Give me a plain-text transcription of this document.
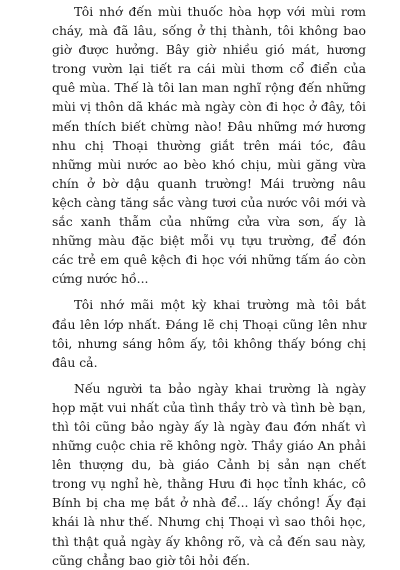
Tôi nhớ đến mùi thuốc hòa hợp với mùi rơm cháy, mà đã lâu, sống ở thị thành, tôi không bao giờ được hưởng. Bây giờ nhiều gió mát, hương trong vườn lại tiết ra cái mùi thơm cổ điển của quê mùa. Thế là tôi lan man nghĩ rộng đến những mùi vị thôn dã khác mà ngày còn đi học ở đây, tôi mến thích biết chừng nào! Đâu những mớ hương nhu chị Thoại thường giắt trên mái tóc, đâu những mùi nước ao bèo khó chịu, mùi găng vừa chín ở bờ dậu quanh trường! Mái trường nâu kệch càng tăng sắc vàng tươi của nước vôi mới và sắc xanh thẫm của những cửa vừa sơn, ấy là những màu đặc biệt mỗi vụ tựu trường, để đón các trẻ em quê kệch đi học với những tấm áo còn cứng nước hồ...

Tôi nhớ mãi một kỳ khai trường mà tôi bắt đầu lên lớp nhất. Đáng lẽ chị Thoại cũng lên như tôi, nhưng sáng hôm ấy, tôi không thấy bóng chị đâu cả.

Nếu người ta bảo ngày khai trường là ngày họp mặt vui nhất của tình thầy trò và tình bè bạn, thì tôi cũng bảo ngày ấy là ngày đau đớn nhất vì những cuộc chia rẽ không ngờ. Thầy giáo An phải lên thượng du, bà giáo Cảnh bị sản nạn chết trong vụ nghỉ hè, thằng Hưu đi học tỉnh khác, cô Bính bị cha mẹ bắt ở nhà để... lấy chồng! Ấy đại khái là như thế. Nhưng chị Thoại vì sao thôi học, thì thật quả ngày ấy không rõ, và cả đến sau này, cũng chẳng bao giờ tôi hỏi đến.
